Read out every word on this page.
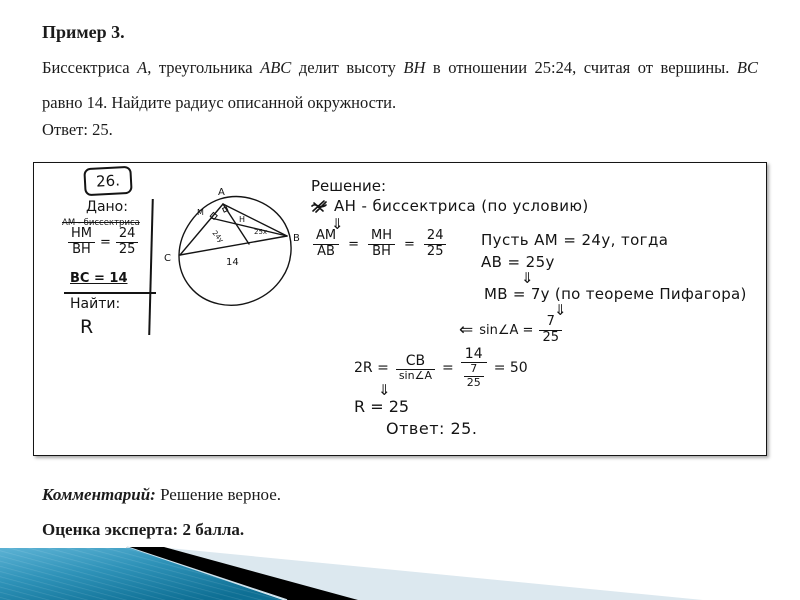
Пример 3.
Биссектриса A, треугольника ABC делит высоту BH в отношении 25:24, считая от вершины. BC равно 14. Найдите радиус описанной окружности.
Ответ: 25.
26.
Дано:
AM - биссектриса
$\frac{HM}{BH} = \frac{24}{25}$
BC = 14
Найти:
R
A
B
C
M
H
24y	25x
14
Решение:
AH - биссектриса (по условию)
⇓
$\frac{AM}{AB} = \frac{MH}{BH} = \frac{24}{25}$ Пусть AM = 24y, тогда
AB = 25y
⇓
MB = 7y (по теореме Пифагора)
⇓
⇐ sin∠A = $\frac{7}{25}$
$2R = \frac{CB}{\sin\angle A} = \frac{14}{\frac{7}{25}} = 50$
⇓
R = 25
Ответ: 25.
Комментарий: Решение верное.
Оценка эксперта: 2 балла.
